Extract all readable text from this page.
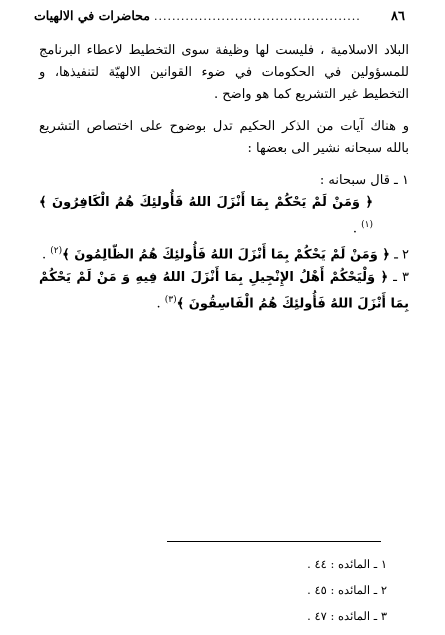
٨٦
..............................................
محاضرات في الالهيات

البلاد الاسلامية ، فليست لها وظيفة سوى التخطيط لاعطاء البرنامج للمسؤولين في الحكومات في ضوء القوانين الالهيّة لتنفيذها، و التخطيط غير التشريع كما هو واضح .

و هناك آيات من الذكر الحكيم تدل بوضوح على اختصاص التشريع بالله سبحانه نشير الى بعضها :

١ ـ قال سبحانه :

﴿ وَمَنْ لَمْ يَحْكُمْ بِمَا أَنْزَلَ اللهُ فَأُولئِكَ هُمُ الْكَافِرُونَ ﴾$^{(١)}$ .

٢ ـ ﴿ وَمَنْ لَمْ يَحْكُمْ بِمَا أَنْزَلَ اللهُ فَأُولئِكَ هُمُ الظّالِمُونَ ﴾$^{(٢)}$ .

٣ ـ ﴿ وَلْيَحْكُمْ أَهْلُ الإِنْجِيلِ بِمَا أَنْزَلَ اللهُ فِيهِ وَ مَنْ لَمْ يَحْكُمْ بِمَا أَنْزَلَ اللهُ فَأُولئِكَ هُمُ الْفَاسِقُونَ ﴾$^{(٣)}$ .

١ ـ المائده : ٤٤ .
٢ ـ المائده : ٤٥ .
٣ ـ المائده : ٤٧ .
